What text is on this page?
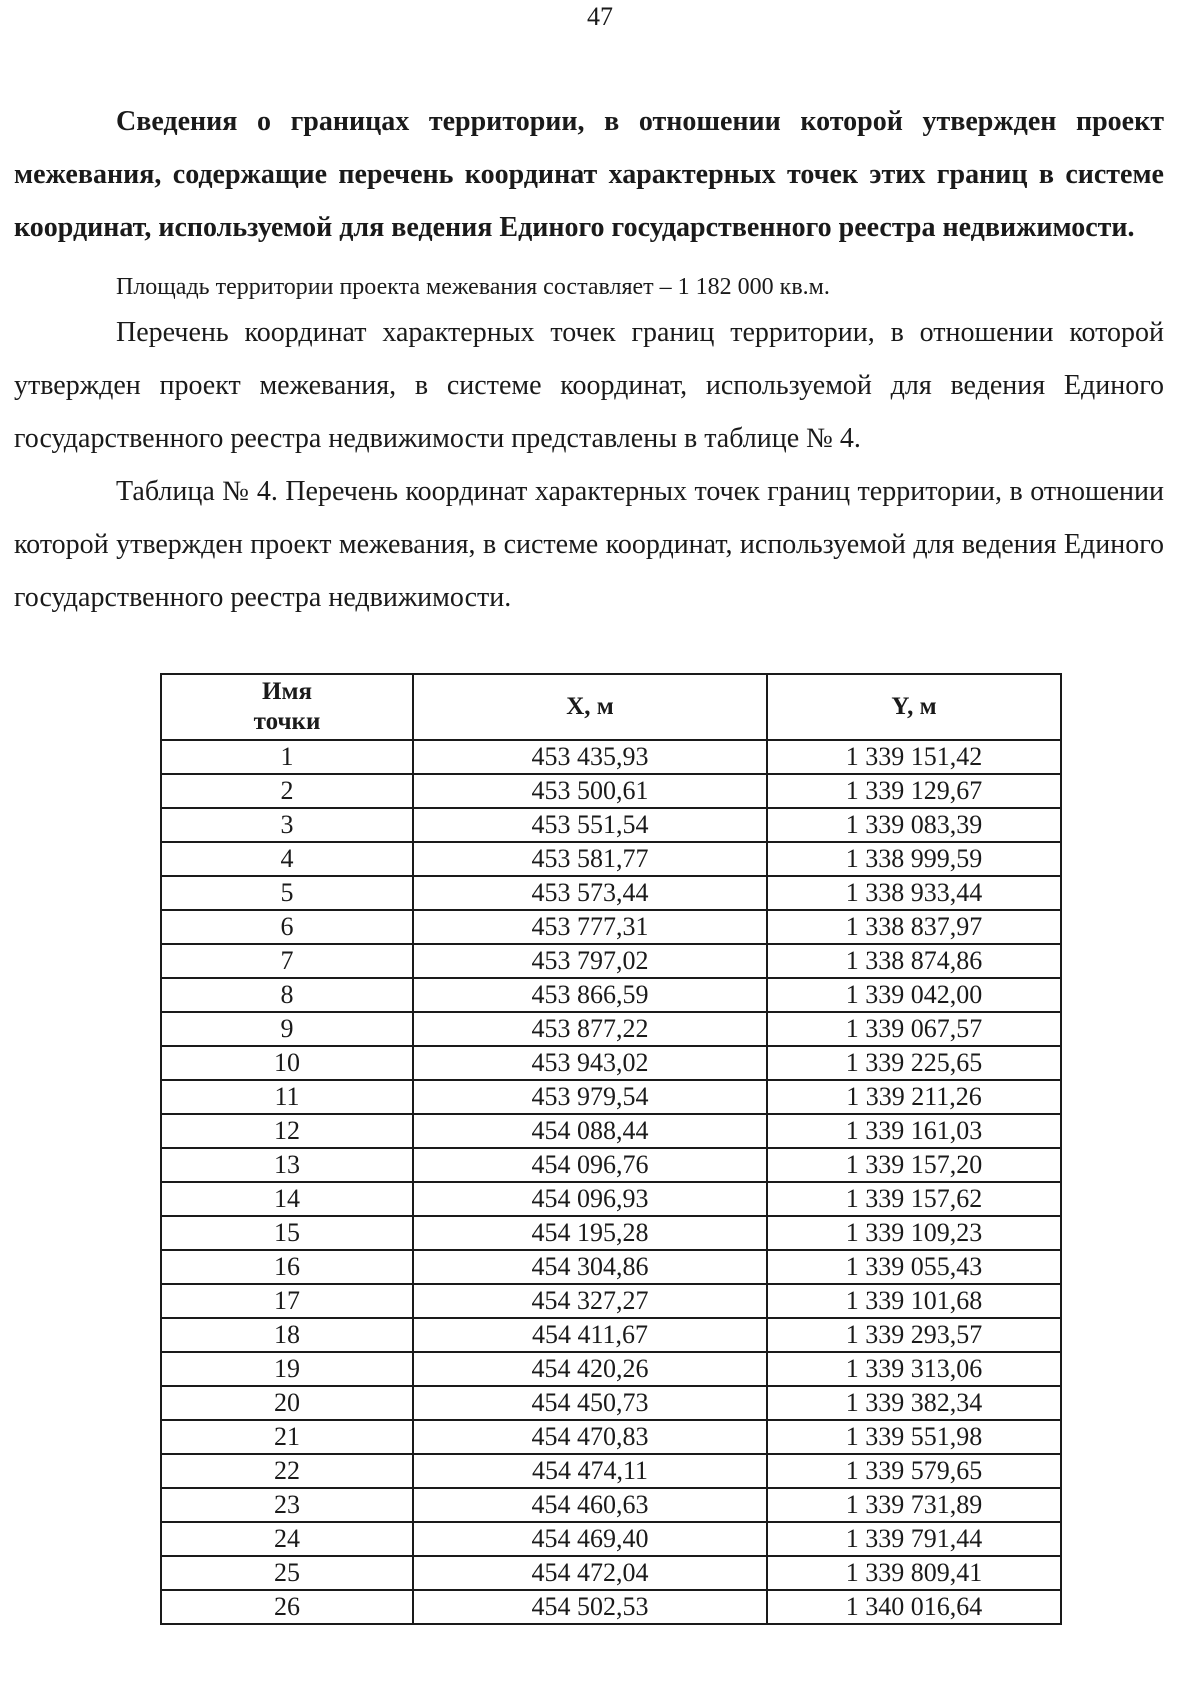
47

Сведения о границах территории, в отношении которой утвержден проект межевания, содержащие перечень координат характерных точек этих границ в системе координат, используемой для ведения Единого государственного реестра недвижимости.

Площадь территории проекта межевания составляет – 1 182 000 кв.м.

Перечень координат характерных точек границ территории, в отношении которой утвержден проект межевания, в системе координат, используемой для ведения Единого государственного реестра недвижимости представлены в таблице № 4.

Таблица № 4. Перечень координат характерных точек границ территории, в отношении которой утвержден проект межевания, в системе координат, используемой для ведения Единого государственного реестра недвижимости.

Имя
точки	X, м	Y, м
1	453 435,93	1 339 151,42
2	453 500,61	1 339 129,67
3	453 551,54	1 339 083,39
4	453 581,77	1 338 999,59
5	453 573,44	1 338 933,44
6	453 777,31	1 338 837,97
7	453 797,02	1 338 874,86
8	453 866,59	1 339 042,00
9	453 877,22	1 339 067,57
10	453 943,02	1 339 225,65
11	453 979,54	1 339 211,26
12	454 088,44	1 339 161,03
13	454 096,76	1 339 157,20
14	454 096,93	1 339 157,62
15	454 195,28	1 339 109,23
16	454 304,86	1 339 055,43
17	454 327,27	1 339 101,68
18	454 411,67	1 339 293,57
19	454 420,26	1 339 313,06
20	454 450,73	1 339 382,34
21	454 470,83	1 339 551,98
22	454 474,11	1 339 579,65
23	454 460,63	1 339 731,89
24	454 469,40	1 339 791,44
25	454 472,04	1 339 809,41
26	454 502,53	1 340 016,64
